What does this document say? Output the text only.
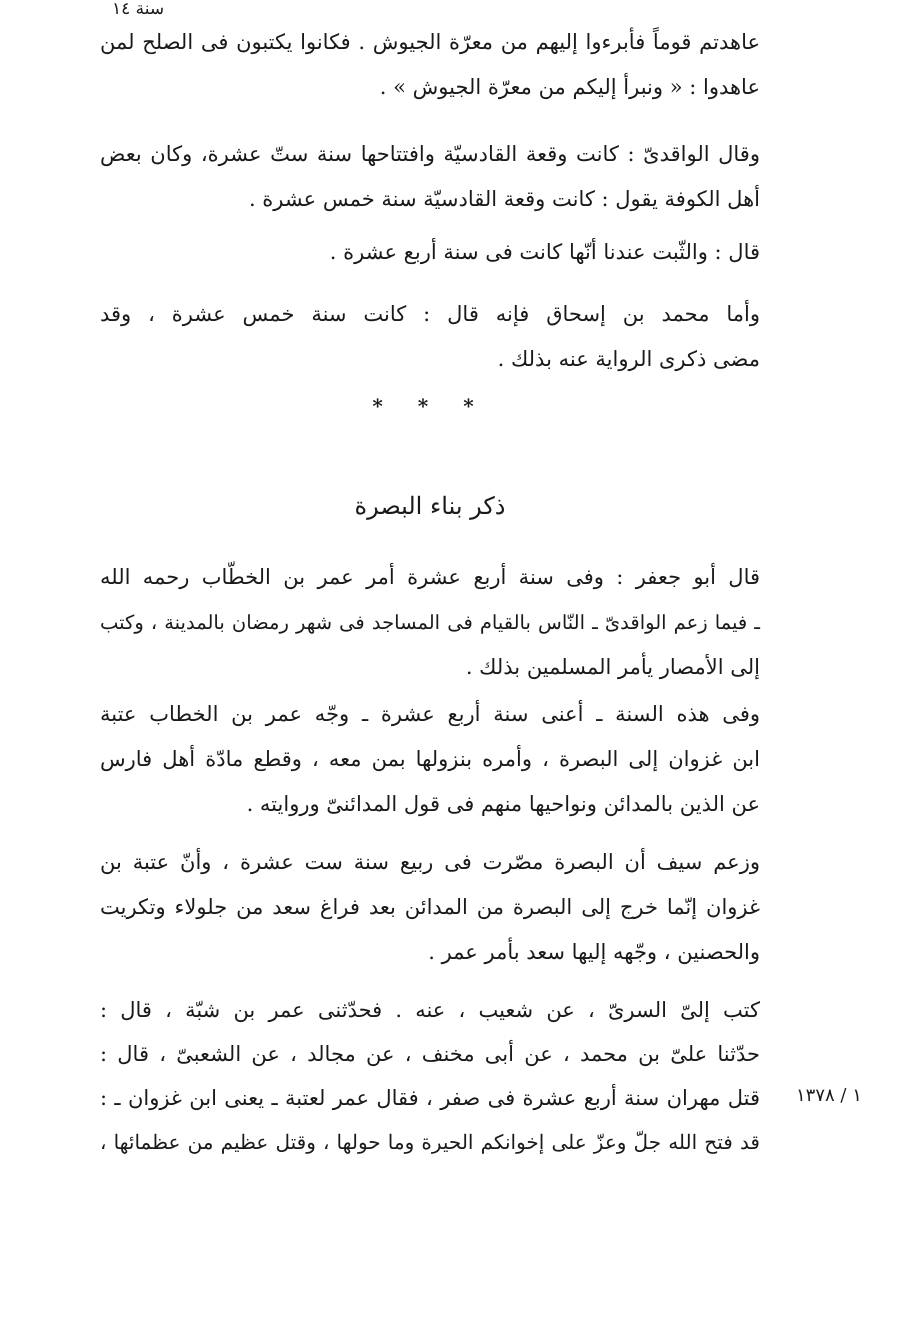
سنة ١٤
عاهدتم قوماً فأبرءوا إليهم من معرّة الجيوش . فكانوا يكتبون فى الصلح لمن
عاهدوا : « ونبرأ إليكم من معرّة الجيوش » .
وقال الواقدىّ : كانت وقعة القادسيّة وافتتاحها سنة ستّ عشرة، وكان بعض
أهل الكوفة يقول : كانت وقعة القادسيّة سنة خمس عشرة .
قال : والثّبت عندنا أنّها كانت فى سنة أربع عشرة .
وأما محمد بن إسحاق فإنه قال : كانت سنة خمس عشرة ، وقد
مضى ذكرى الرواية عنه بذلك .
* * *
ذكر بناء البصرة
قال أبو جعفر : وفى سنة أربع عشرة أمر عمر بن الخطّاب رحمه الله
ـ فيما زعم الواقدىّ ـ النّاس بالقيام فى المساجد فى شهر رمضان بالمدينة ، وكتب
إلى الأمصار يأمر المسلمين بذلك .
وفى هذه السنة ـ أعنى سنة أربع عشرة ـ وجّه عمر بن الخطاب عتبة
ابن غزوان إلى البصرة ، وأمره بنزولها بمن معه ، وقطع مادّة أهل فارس
عن الذين بالمدائن ونواحيها منهم فى قول المدائنىّ وروايته .
وزعم سيف أن البصرة مصّرت فى ربيع سنة ست عشرة ، وأنّ عتبة بن
غزوان إنّما خرج إلى البصرة من المدائن بعد فراغ سعد من جلولاء وتكريت
والحصنين ، وجّهه إليها سعد بأمر عمر .
كتب إلىّ السرىّ ، عن شعيب ، عنه . فحدّثنى عمر بن شبّة ، قال :
حدّثنا علىّ بن محمد ، عن أبى مخنف ، عن مجالد ، عن الشعبىّ ، قال :
قتل مهران سنة أربع عشرة فى صفر ، فقال عمر لعتبة ـ يعنى ابن غزوان ـ :
قد فتح الله جلّ وعزّ على إخوانكم الحيرة وما حولها ، وقتل عظيم من عظمائها ،
١ / ١٣٧٨
